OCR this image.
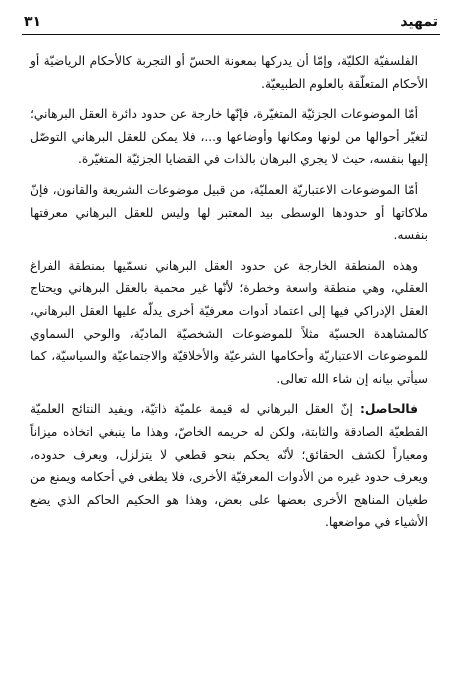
تمهيد
٣١

الفلسفيّة الكليّة، وإمّا أن يدركها بمعونة الحسّ أو التجربة كالأحكام الرياضيّة أو الأحكام المتعلّقة بالعلوم الطبيعيّة.

أمّا الموضوعات الجزئيّة المتغيّرة، فإنّها خارجة عن حدود دائرة العقل البرهاني؛ لتغيّر أحوالها من لونها ومكانها وأوضاعها و...، فلا يمكن للعقل البرهاني التوصّل إليها بنفسه، حيث لا يجري البرهان بالذات في القضايا الجزئيّة المتغيّرة.

أمّا الموضوعات الاعتباريّة العمليّة، من قبيل موضوعات الشريعة والقانون، فإنّ ملاكاتها أو حدودها الوسطى بيد المعتبر لها وليس للعقل البرهاني معرفتها بنفسه.

وهذه المنطقة الخارجة عن حدود العقل البرهاني نسمّيها بمنطقة الفراغ العقلي، وهي منطقة واسعة وخطرة؛ لأنّها غير محمية بالعقل البرهاني ويحتاج العقل الإدراكي فيها إلى اعتماد أدوات معرفيّة أخرى يدلّه عليها العقل البرهاني، كالمشاهدة الحسيّة مثلاً للموضوعات الشخصيّة الماديّة، والوحي السماوي للموضوعات الاعتباريّة وأحكامها الشرعيّة والأخلاقيّة والاجتماعيّة والسياسيّة، كما سيأتي بيانه إن شاء الله تعالى.

فالحاصل: إنّ العقل البرهاني له قيمة علميّة ذاتيّة، ويفيد النتائج العلميّة القطعيّة الصادقة والثابتة، ولكن له حريمه الخاصّ، وهذا ما ينبغي اتخاذه ميزاناً ومعياراً لكشف الحقائق؛ لأنّه يحكم بنحو قطعي لا يتزلزل، ويعرف حدوده، ويعرف حدود غيره من الأدوات المعرفيّة الأخرى، فلا يطغى في أحكامه ويمنع من طغيان المناهج الأخرى بعضها على بعض، وهذا هو الحكيم الحاكم الذي يضع الأشياء في مواضعها.
